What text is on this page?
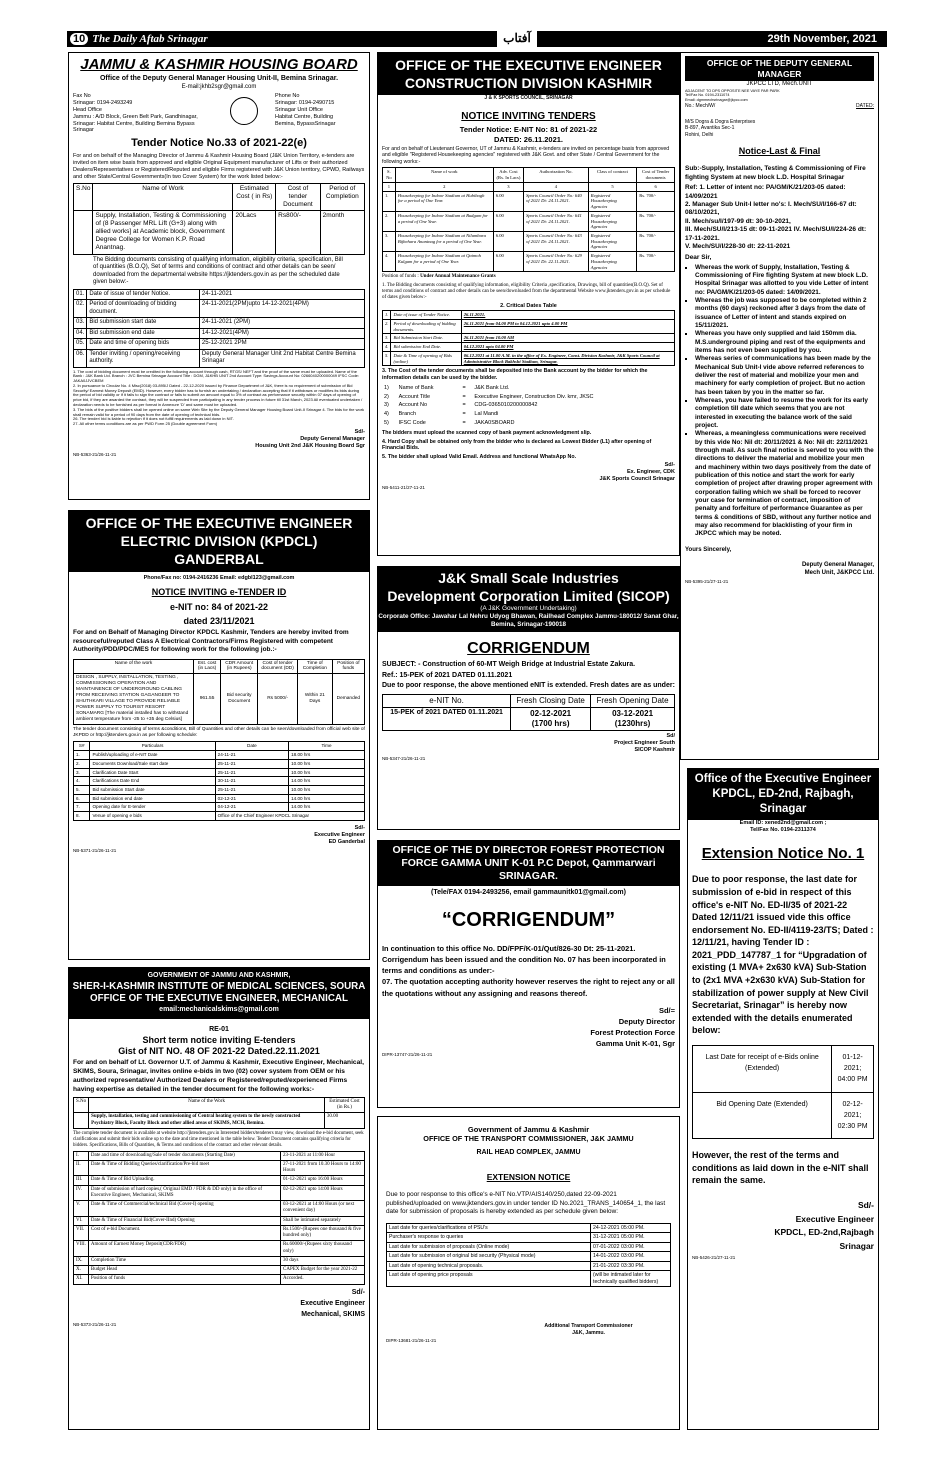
10 The Daily Aftab Srinagar	آفتاب	29th November, 2021
JAMMU & KASHMIR HOUSING BOARD
Office of the Deputy General Manager Housing Unit-II, Bemina Srinagar.
E-mail:jkhb2sgr@gmail.com
Fax No
Srinagar: 0194-2493249
Head Office
Jammu : A/D Block, Green Belt Park, Gandhinagar,
Srinagar: Habitat Centre, Building Bemina Bypass Srinagar
Phone No
Srinagar: 0194-2490715
Srinagar Unit Office
Habitat Centre, Building
Bemina, BypassSrinagar
Tender Notice No.33 of 2021-22(e)

For and on behalf of the Managing Director of Jammu & Kashmir Housing Board (J&K Union Territory, e-tenders are invited on item wise basis from approved and eligible Original Equipment manufacturer of Lifts or their authorized Dealers/Representatives or Registered/Reputed and eligible Firms registered with J&K Union territory, CPWD, Railways and other State/Central Governments(In two Cover System) for the work listed below:-

S.No	Name of Work	Estimated Cost ( in Rs)	Cost of tender Document	Period of Completion
	Supply, Installation, Testing & Commissioning of (8 Passenger MRL Lift (G+3) along with allied works] at Academic block, Government Degree College for Women K.P. Road Anantnag.	20Lacs	Rs800/-	2month

The Bidding documents consisting of qualifying information, eligibility criteria, specification, Bill of quantities (B.O.Q), Set of terms and conditions of contract and other details can be seen/ downloaded from the departmental website https://jktenders.gov.in as per the scheduled date given below:-

01.	Date of issue of tender Notice.	24-11-2021
02.	Period of downloading of bidding document.	24-11-2021(2PM)upto 14-12-2021(4PM)
03.	Bid submission start date	24-11-2021 (2PM)
04.	Bid submission end date	14-12-2021(4PM)
05.	Date and time of opening bids	25-12-2021 2PM
06.	Tender inviting / opening/receiving authority.	Deputy General Manager Unit 2nd Habitat Centre Bemina Srinagar

1. The cost of bidding document must be credited in the following account through cash, RTGS/ NEFT and the proof of the same must be uploaded. Name of the Bank : J&K Bank Ltd. Branch : JVC Bemina Srinagar Account Title : DGM, J&KHB UNIT 2nd Account Type: Savings Account No: 0266040200000049 IFSC Code: JAKA0JJVCBEM
2. In pursuance to Circular No. 4 Misc(2018) 03-895/J Dated - 22-12-2020 issued by Finance Department of J&K, there is no requirement of submission of Bid Security/ Earnest Money Deposit (EMD). However, every bidder has to furnish an undertaking / declaration accepting that if it withdraws or modifies its bids during the period of bid validity or if it fails to sign the contract or fails to submit an amount equal to 3% of contract as performance security within 07 days of opening of price bid, if they are awarded the contract, they will be suspended from participating in any tender process in future till 31st March, 2023 All eventuated undertaken / declaration needs to be furnished as per format in Annexure 'D' and same must be uploaded.
3. The bids of the positive bidders shall be opened online on same Web Site by the Deputy General Manager Housing Board Unit-II Srinagar 4. The bids for the work shall remain valid for a period of 90 days from the date of opening of technical bids.
26. The tender/ bid is liable to rejection if it does not fulfill requirements as laid down in NIT.
27. All other terms conditions are as per PWD Form 25 (Double agreement Form)

Sd/-
Deputy General Manager
Housing Unit 2nd J&K Housing Board Sgr
NB-5363-21/26-11-21
OFFICE OF THE EXECUTIVE ENGINEER CONSTRUCTION DIVISION KASHMIR
J & K SPORTS COUNCIL, SRINAGAR
NOTICE INVITING TENDERS
Tender Notice: E-NIT No: 81 of 2021-22
DATED: 26.11.2021.

For and on behalf of Lieutenant Governor, UT of Jammu & Kashmir, e-tenders are invited on percentage basis from approved and eligible "Registered Housekeeping agencies" registered with J&K Govt. and other State / Central Government for the following works:-

S. No	Name of work	Adv. Cost (Rs. In Lacs)	Authorization No.	Class of contract	Cost of Tender documents
1	2	3	4	5	6
1.	Housekeeping for Indoor Stadium at Hubibagh for a period of One Year.	6.00	Sports Council Order No: 640 of 2021 Dt: 24.11.2021.	Registered Housekeeping Agencies	Rs. 700/-
2.	Housekeeping for Indoor Stadium at Budgam for a period of One Year.	6.00	Sports Council Order No: 641 of 2021 Dt: 24.11.2021.	Registered Housekeeping Agencies	Rs. 700/-
3.	Housekeeping for Indoor Stadium at Nilambara Bijbehara Anantnag for a period of One Year.	6.00	Sports Council Order No: 643 of 2021 Dt: 24.11.2021.	Registered Housekeeping Agencies	Rs. 700/-
4.	Housekeeping for Indoor Stadium at Qaimoh Kulgam for a period of One Year.	6.00	Sports Council Order No: 629 of 2021 Dt: 22.11.2021.	Registered Housekeeping Agencies	Rs. 700/-
Position of funds : Under Annual Maintenance Grants

1. The Bidding documents consisting of qualifying information, eligibility Criteria ,specification, Drawings, bill of quantities(B.O.Q). Set of terms and conditions of contract and other details can be seen/downloaded from the departmental Website www.jktenders.gov.in as per schedule of dates given below:-

2. Critical Dates Table
1.	Date of issue of Tender Notice.	26.11.2021.
2.	Period of downloading of bidding documents.	26.11.2021 from 04.00 PM to 04.12.2021 upto 4.00 PM
3.	Bid Submission Start Date.	26.11.2021 from 10.00 AM
4.	Bid submission End Date.	04.12.2021 upto 04.00 PM
5.	Date & Time of opening of Bids (online)	06.12.2021 at 11.00 A.M. in the office of Ex. Engineer, Const. Division Kashmir, J&K Sports Council at Administrative Block Bakhshi Stadium, Srinagar.

3. The Cost of the tender documents shall be deposited into the Bank account by the bidder for which the information details can be used by the bidder.

1)	Name of Bank	=	J&K Bank Ltd.
2)	Account Title	=	Executive Engineer, Construction Div. kmr, JKSC
3)	Account No	=	CDG-0365010200000842
4)	Branch	=	Lal Mandi
5)	IFSC Code	=	JAKA0SBOARD

The bidders must upload the scanned copy of bank payment acknowledgment slip.

4. Hard Copy shall be obtained only from the bidder who is declared as Lowest Bidder (L1) after opening of Financial Bids.

5. The bidder shall upload Valid Email. Address and functional WhatsApp No.

Sd/-
Ex. Engineer, CDK
J&K Sports Council Srinagar
NB-5411-21/27-11-21
OFFICE OF THE DEPUTY GENERAL MANAGER
JKPCC LTD, Mech.UNIT
ADJACENT TO DPS OPPOSITE NEE VAYE PAR PARK
Tel/Fax No. 0194-2311074
Email: dgmmechsrinagar@jkpcc.com
No.: Mech/W/	DATED:
M/S Dogra & Dogra Enterprises
B-897, Avantika Sec-1
Rohini, Delhi
Notice-Last & Final

Sub:-Supply, Installation, Testing & Commissioning of Fire fighting System at new block L.D. Hospital Srinagar

Ref: 1. Letter of intent no: PA/GM/K/21/203-05 dated: 14/09/2021
2. Manager Sub Unit-I letter no's: I. Mech/SU/I/166-67 dt: 08/10/2021,
II. Mech/su/I/197-99 dt: 30-10-2021,
III. Mech/SU/I/213-15 dt: 09-11-2021 IV. Mech/SU/I/224-26 dt: 17-11-2021.
V. Mech/SU/I/228-30 dt: 22-11-2021

Dear Sir,

▪ Whereas the work of Supply, Installation, Testing & Commissioning of Fire fighting System at new block L.D. Hospital Srinagar was allotted to you vide Letter of intent no: PA/GM/K/21/203-05 dated: 14/09/2021.
▪ Whereas the job was supposed to be completed within 2 months (60 days) reckoned after 3 days from the date of issuance of Letter of intent and stands expired on 15/11/2021.
▪ Whereas you have only supplied and laid 150mm dia. M.S.underground piping and rest of the equipments and items has not even been supplied by you.
▪ Whereas series of communications has been made by the Mechanical Sub Unit-I vide above referred references to deliver the rest of material and mobilize your men and machinery for early completion of project. But no action has been taken by you in the matter so far.
▪ Whereas, you have failed to resume the work for its early completion till date which seems that you are not interested in executing the balance work of the said project.
▪ Whereas, a meaningless communications were received by this vide No: Nil dt: 20/11/2021 & No: Nil dt: 22/11/2021 through mail. As such final notice is served to you with the directions to deliver the material and mobilize your men and machinery within two days positively from the date of publication of this notice and start the work for early completion of project after drawing proper agreement with corporation failing which we shall be forced to recover your case for termination of contract, imposition of penalty and forfeiture of performance Guarantee as per terms & conditions of SBD, without any further notice and may also recommend for blacklisting of your firm in JKPCC which may be noted.

Yours Sincerely,

Deputy General Manager,
Mech Unit, J&KPCC Ltd.
NB-5395-21/27-11-21
OFFICE OF THE EXECUTIVE ENGINEER ELECTRIC DIVISION (KPDCL) GANDERBAL
Phone/Fax no: 0194-2416236 Email: edgbl123@gmail.com
NOTICE INVITING e-TENDER ID
e-NIT no: 84 of 2021-22
dated 23/11/2021

For and on Behalf of Managing Director KPDCL Kashmir, Tenders are hereby invited from resourceful/reputed Class A Electrical Contractors/Firms Registered with competent Authority/PDD/PDC/MES for following work for the following job.:-

Name of the work	Est. cost (in Lacs)	CDR Amount (in Rupees)	Cost of tender document (DD)	Time of Completion	Position of funds
DESIGN , SUPPLY, INSTALLATION, TESTING , COMMISSIONING OPERATION AND MAINTAINENCE OF UNDERGROUND CABLING FROM RECEIVING STATION GAGANGEER TO SHUTHKARI VILLAGE TO PROVIDE RELIABLE POWER SUPPLY TO TOURIST RESORT SONAMARG [The material installed has to withstand ambient temperature from -25 to +35 deg Celsius]	961.55	Bid security Document	Rs 5000/-	Within 21 Days	Demanded

The tender document consisting of terms &conditions, Bill of Quantities and other details can be seen/downloaded from official web site of JKPDD or http://jktenders.gov.in as per following schedule:

S#	Particulars	Date	Time
1.	Publish/uploading of e-NIT Date	24-11-21	18.00 hrs
2.	Documents Download/Sale start date	25-11-21	10.00 hrs
3.	Clarification Date Start	25-11-21	10.00 hrs
4.	Clarifications Date End	30-11-21	14.00 hrs
5.	Bid submission Start date	25-11-21	10.00 hrs
6.	Bid submission end date	02-12-21	14.00 hrs
7.	Opening date for E-tender	04-12-21	14.00 hrs
8.	Venue of opening e bids	Office of the Chief Engineer KPDCL Srinagar	
Sd/-
Executive Engineer
ED Ganderbal
NB-5371-21/26-11-21
J&K Small Scale Industries
Development Corporation Limited (SICOP)
(A J&K Government Undertaking)
Corporate Office: Jawahar Lal Nehru Udyog Bhawan, Railhead Complex Jammu-180012/ Sanat Ghar, Bemina, Srinagar-190018
CORRIGENDUM

SUBJECT: - Construction of 60-MT Weigh Bridge at Industrial Estate Zakura.

Ref.: 15-PEK of 2021 DATED 01.11.2021

Due to poor response, the above mentioned eNIT is extended. Fresh dates are as under:

e-NIT No.	Fresh Closing Date	Fresh Opening Date
15-PEK of 2021 DATED 01.11.2021	02-12-2021
(1700 hrs)	03-12-2021
(1230hrs)
Sd/
Project Engineer South
SICOP Kashmir
NB-5347-21/26-11-21
OFFICE OF THE DY DIRECTOR FOREST PROTECTION FORCE GAMMA UNIT K-01 P.C Depot, Qammarwari SRINAGAR.
(Tele/FAX 0194-2493256, email gammaunitk01@gmail.com)
“CORRIGENDUM”

In continuation to this office No. DD/FPF/K-01/Qut/826-30 Dt: 25-11-2021. Corrigendum has been issued and the condition No. 07 has been incorporated in terms and conditions as under:-
07. The quotation accepting authority however reserves the right to reject any or all the quotations without any assigning and reasons thereof.

Sd/=
Deputy Director
Forest Protection Force
Gamma Unit K-01, Sgr
DIPR-13747-21/26-11-21
GOVERNMENT OF JAMMU AND KASHMIR,
SHER-I-KASHMIR INSTITUTE OF MEDICAL SCIENCES, SOURA OFFICE OF THE EXECUTIVE ENGINEER, MECHANICAL
email:mechanicalskims@gmail.com
RE-01
Short term notice inviting E-tenders
Gist of NIT NO. 48 OF 2021-22 Dated.22.11.2021

For and on behalf of Lt. Governor U.T. of Jammu & Kashmir, Executive Engineer, Mechanical, SKIMS, Soura, Srinagar, invites online e-bids in two (02) cover system from OEM or his authorized representative/ Authorized Dealers or Registered/reputed/experienced Firms having expertise as detailed in the tender document for the following works:-

S.No	Name of the Work	Estimated Cost (in Rs.)
	Supply, installation, testing and commissioning of Central heating system to the newly constructed Psychiatry Block, Faculty Block and other allied areas of SKIMS, MCH, Bemina.	30.00

The complete tender document is available at website http://jktenders.gov.in Interested bidders/tenderers may view, download the e-bid document, seek clarifications and submit their bids online up to the date and time mentioned in the table below. Tender Document contains qualifying criteria for bidders. Specifications, Bills of Quantities, & Terms and conditions of the contract and other relevant details.

I.	Date and time of downloading/Sale of tender documents (Starting Date)	23-11-2021 at 11:00 Hour
II.	Date & Time of Bidding Queries/clarification/Pre-bid meet	27-11-2021 from 10.30 Hours to 14:00 Hours
III.	Date & Time of Bid Uploading.	01-12-2021 upto 16:00 Hours
IV.	Date of submission of hard copies,( Original EMD / FDR & DD only) in the office of Executive Engineer, Mechanical, SKIMS	02-12-2021 upto 14:00 Hours
V.	Date & Time of Commercial/technical Bid (Cover-I) opening	03-12-2021 at 14:00 Hours (or next convenient day)
VI.	Date & Time of Financial Bid(Cover-IInd) Opening	Shall be intimated separately
VII.	Cost of e-bid Document.	Rs.1500/-(Rupees one thousand & five hundred only)
VIII.	Amount of Earnest Money Deposit(CDR/FDR)	Rs.60000/-(Rupees sixty thousand only)
IX.	Completion Time	30 days
X.	Budget Head	CAPEX Budget for the year 2021-22
XI.	Position of funds	Accorded.
Sd/-
Executive Engineer
Mechanical, SKIMS
NB-5373-21/26-11-21
Government of Jammu & Kashmir
OFFICE OF THE TRANSPORT COMMISSIONER, J&K JAMMU
RAIL HEAD COMPLEX, JAMMU
EXTENSION NOTICE

Due to poor response to this office's e-NIT No.VTP/AIS140/250,dated 22-09-2021 published/uploaded on www.jktenders.gov.in under tender ID No.2021_TRANS_140654_1, the last date for submission of proposals is hereby extended as per schedule given below:

Last date for queries/clarifications of PSU's	24-12-2021 05:00 PM.
Purchaser's response to queries	31-12-2021 05:00 PM.
Last date for submission of proposals (Online mode)	07-01-2022 03:00 PM.
Last date for submission of original bid security (Physical mode)	14-01-2022 03:00 PM.
Last date of opening technical proposals.	21-01-2022 03:30 PM.
Last date of opening price proposals	(will be intimated later for technically qualified bidders)
Additional Transport Commissioner
J&K, Jammu.
DIPR-13681-21/26-11-21
Office of the Executive Engineer KPDCL, ED-2nd, Rajbagh, Srinagar
Email ID: xened2nd@gmail.com ;
Tel/Fax No. 0194-2311374
Extension Notice No. 1

Due to poor response, the last date for submission of e-bid in respect of this office's e-NIT No. ED-II/35 of 2021-22 Dated 12/11/21 issued vide this office endorsement No. ED-II/4119-23/TS; Dated : 12/11/21, having Tender ID : 2021_PDD_147787_1 for “Upgradation of existing (1 MVA+ 2x630 kVA) Sub-Station to (2x1 MVA +2x630 kVA) Sub-Station for stabilization of power supply at New Civil Secretariat, Srinagar” is hereby now extended with the details enumerated below:

Last Date for receipt of e-Bids online (Extended)	01-12-2021;
04:00 PM
Bid Opening Date (Extended)	02-12-2021;
02:30 PM

However, the rest of the terms and conditions as laid down in the e-NIT shall remain the same.

Sd/-
Executive Engineer
KPDCL, ED-2nd,Rajbagh
Srinagar
NB-5426-21/27-11-21
